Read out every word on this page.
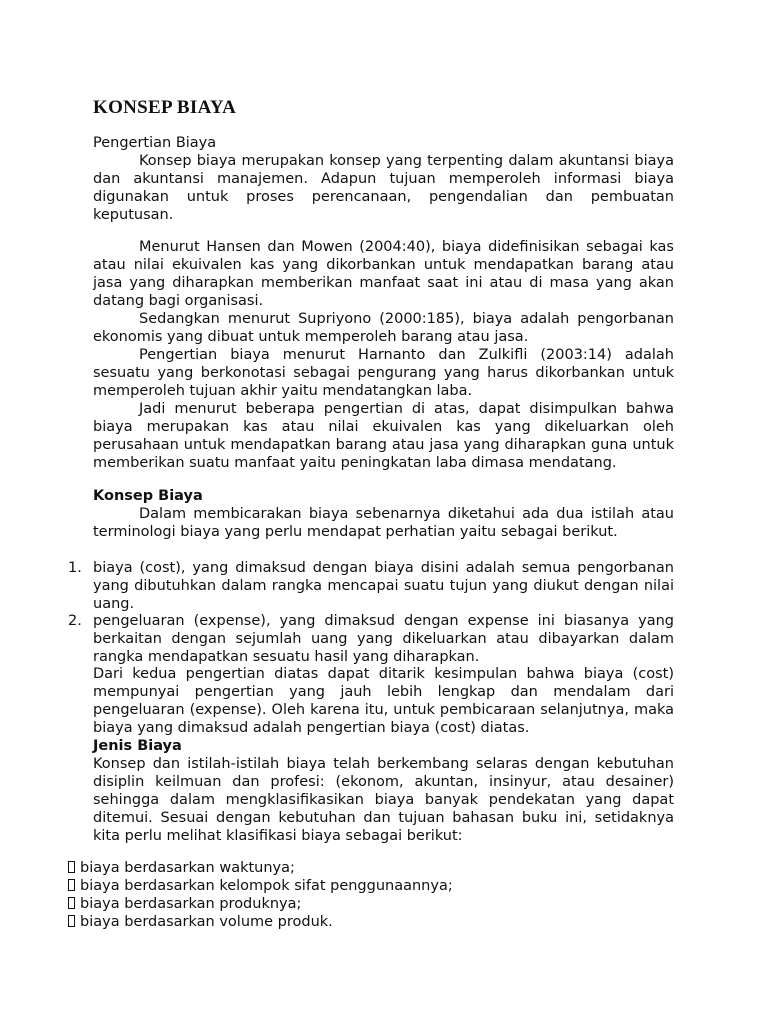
KONSEP BIAYA

Pengertian Biaya

Konsep biaya merupakan konsep yang terpenting dalam akuntansi biaya dan akuntansi manajemen. Adapun tujuan memperoleh informasi biaya digunakan untuk proses perencanaan, pengendalian dan pembuatan keputusan.

Menurut Hansen dan Mowen (2004:40), biaya didefinisikan sebagai kas atau nilai ekuivalen kas yang dikorbankan untuk mendapatkan barang atau jasa yang diharapkan memberikan manfaat saat ini atau di masa yang akan datang bagi organisasi.

Sedangkan menurut Supriyono (2000:185), biaya adalah pengorbanan ekonomis yang dibuat untuk memperoleh barang atau jasa.

Pengertian biaya menurut Harnanto dan Zulkifli (2003:14) adalah sesuatu yang berkonotasi sebagai pengurang yang harus dikorbankan untuk memperoleh tujuan akhir yaitu mendatangkan laba.

Jadi menurut beberapa pengertian di atas, dapat disimpulkan bahwa biaya merupakan kas atau nilai ekuivalen kas yang dikeluarkan oleh perusahaan untuk mendapatkan barang atau jasa yang diharapkan guna untuk memberikan suatu manfaat yaitu peningkatan laba dimasa mendatang.

Konsep Biaya

Dalam membicarakan biaya sebenarnya diketahui ada dua istilah atau terminologi biaya yang perlu mendapat perhatian yaitu sebagai berikut.

1. biaya (cost), yang dimaksud dengan biaya disini adalah semua pengorbanan yang dibutuhkan dalam rangka mencapai suatu tujun yang diukut dengan nilai uang.

2. pengeluaran (expense), yang dimaksud dengan expense ini biasanya yang berkaitan dengan sejumlah uang yang dikeluarkan atau dibayarkan dalam rangka mendapatkan sesuatu hasil yang diharapkan.

Dari kedua pengertian diatas dapat ditarik kesimpulan bahwa biaya (cost) mempunyai pengertian yang jauh lebih lengkap dan mendalam dari pengeluaran (expense). Oleh karena itu, untuk pembicaraan selanjutnya, maka biaya yang dimaksud adalah pengertian biaya (cost) diatas.

Jenis Biaya

Konsep dan istilah-istilah biaya telah berkembang selaras dengan kebutuhan disiplin keilmuan dan profesi: (ekonom, akuntan, insinyur, atau desainer) sehingga dalam mengklasifikasikan biaya banyak pendekatan yang dapat ditemui. Sesuai dengan kebutuhan dan tujuan bahasan buku ini, setidaknya kita perlu melihat klasifikasi biaya sebagai berikut:

biaya berdasarkan waktunya;

biaya berdasarkan kelompok sifat penggunaannya;

biaya berdasarkan produknya;

biaya berdasarkan volume produk.
